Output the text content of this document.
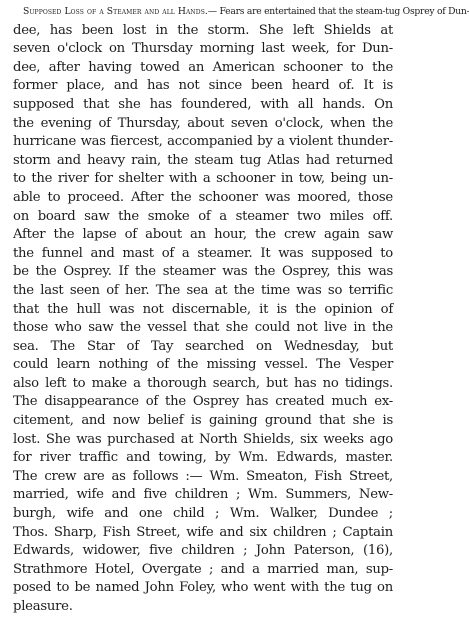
Supposed Loss of a Steamer and all Hands.— Fears are entertained that the steam-tug Osprey of Dun-
dee, has been lost in the storm. She left Shields at
seven o'clock on Thursday morning last week, for Dun-
dee, after having towed an American schooner to the
former place, and has not since been heard of. It is
supposed that she has foundered, with all hands. On
the evening of Thursday, about seven o'clock, when the
hurricane was fiercest, accompanied by a violent thunder-
storm and heavy rain, the steam tug Atlas had returned
to the river for shelter with a schooner in tow, being un-
able to proceed. After the schooner was moored, those
on board saw the smoke of a steamer two miles off.
After the lapse of about an hour, the crew again saw
the funnel and mast of a steamer. It was supposed to
be the Osprey. If the steamer was the Osprey, this was
the last seen of her. The sea at the time was so terrific
that the hull was not discernable, it is the opinion of
those who saw the vessel that she could not live in the
sea. The Star of Tay searched on Wednesday, but
could learn nothing of the missing vessel. The Vesper
also left to make a thorough search, but has no tidings.
The disappearance of the Osprey has created much ex-
citement, and now belief is gaining ground that she is
lost. She was purchased at North Shields, six weeks ago
for river traffic and towing, by Wm. Edwards, master.
The crew are as follows :— Wm. Smeaton, Fish Street,
married, wife and five children ; Wm. Summers, New-
burgh, wife and one child ; Wm. Walker, Dundee ;
Thos. Sharp, Fish Street, wife and six children ; Captain
Edwards, widower, five children ; John Paterson, (16),
Strathmore Hotel, Overgate ; and a married man, sup-
posed to be named John Foley, who went with the tug on
pleasure.
